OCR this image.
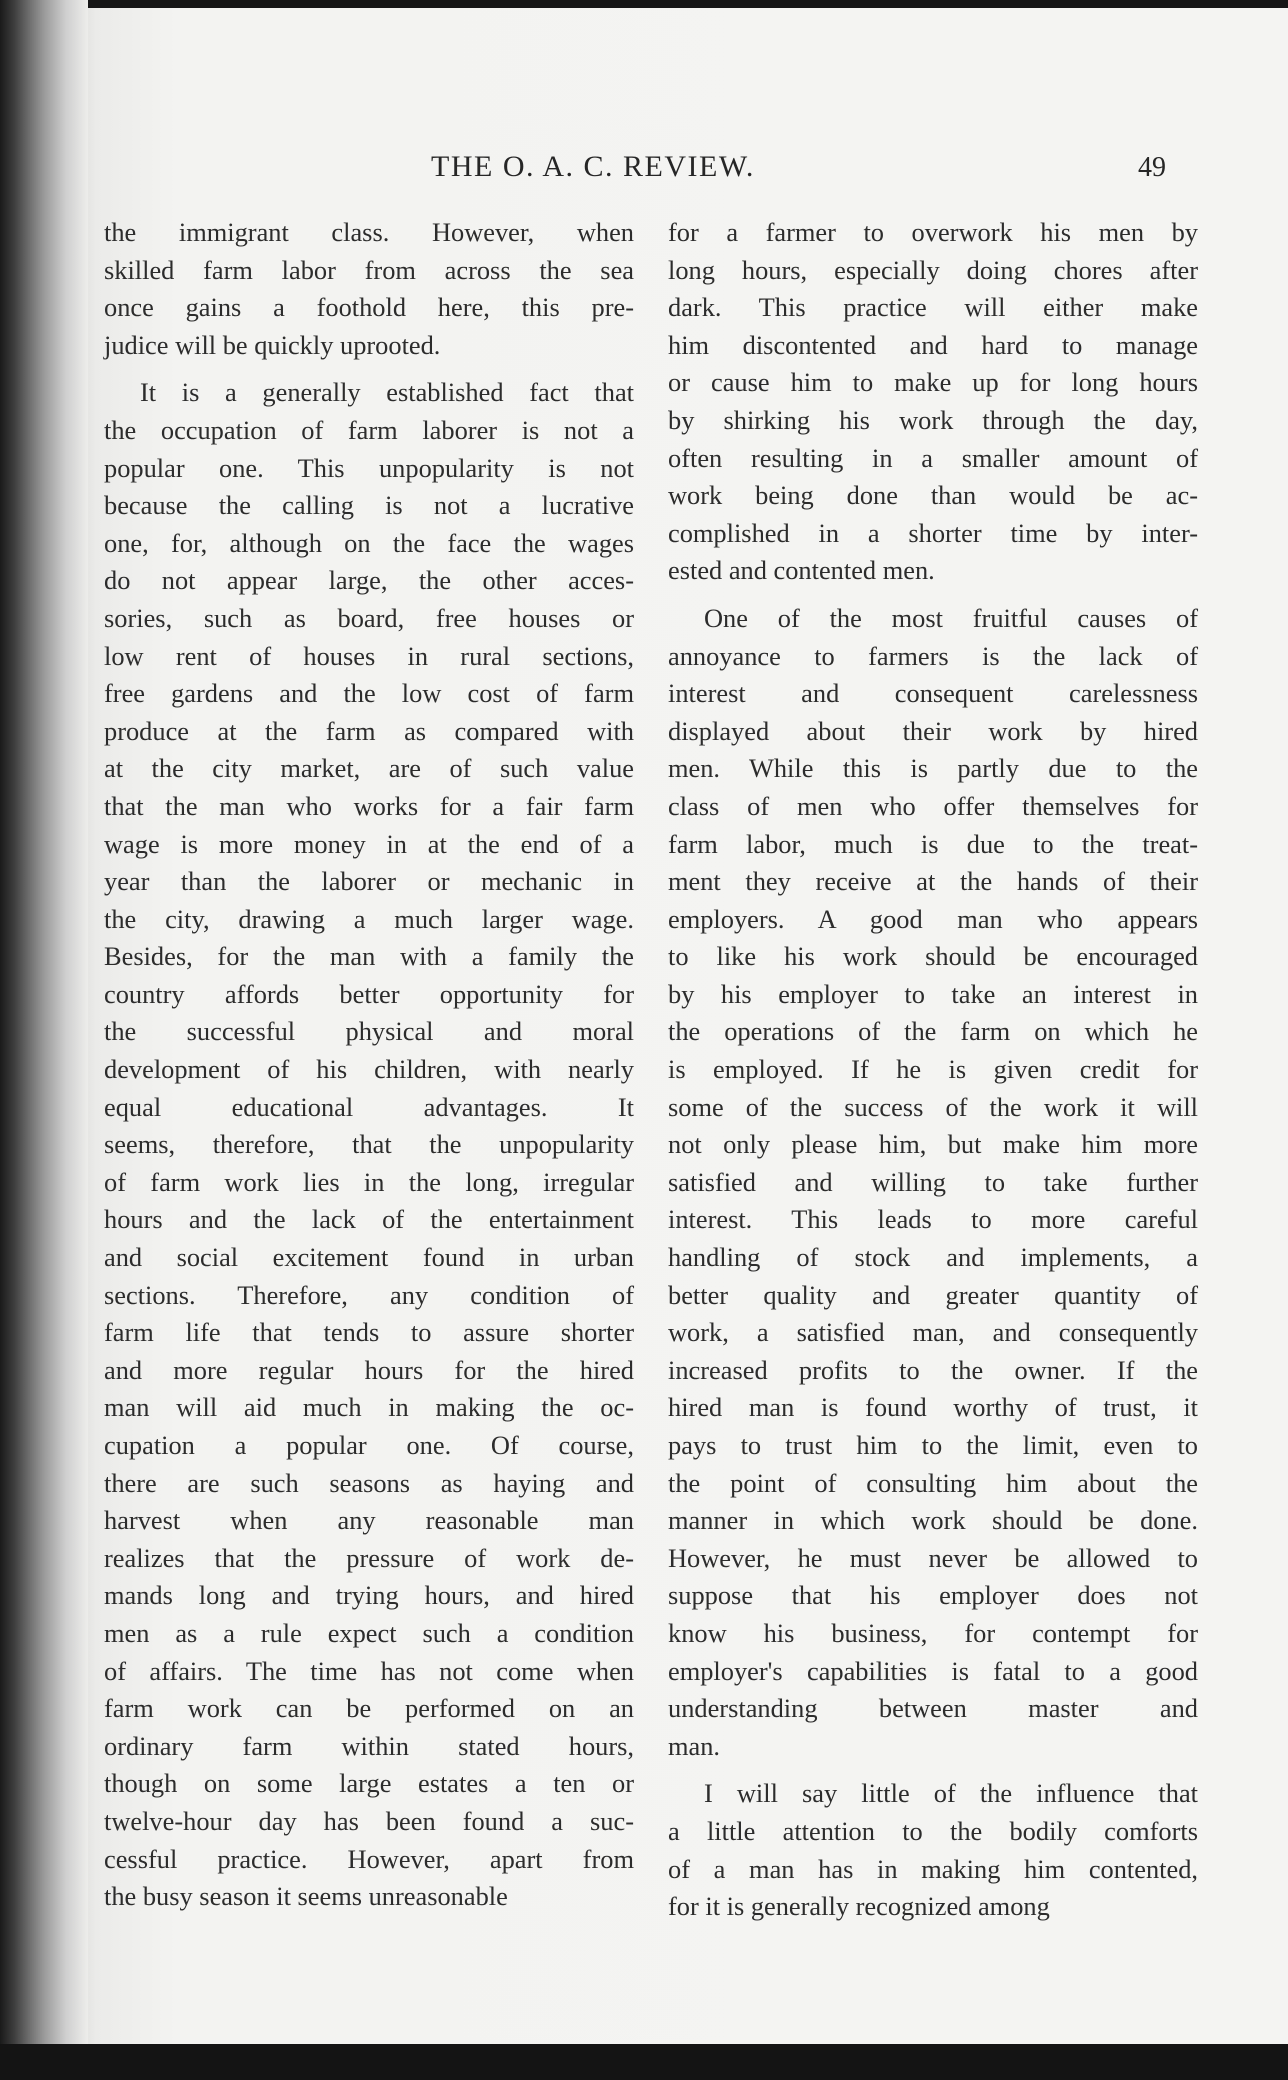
THE O. A. C. REVIEW.	49

the immigrant class. However, when
skilled farm labor from across the sea
once gains a foothold here, this pre-
judice will be quickly uprooted.

It is a generally established fact that
the occupation of farm laborer is not a
popular one. This unpopularity is not
because the calling is not a lucrative
one, for, although on the face the wages
do not appear large, the other acces-
sories, such as board, free houses or
low rent of houses in rural sections,
free gardens and the low cost of farm
produce at the farm as compared with
at the city market, are of such value
that the man who works for a fair farm
wage is more money in at the end of a
year than the laborer or mechanic in
the city, drawing a much larger wage.
Besides, for the man with a family the
country affords better opportunity for
the successful physical and moral
development of his children, with nearly
equal educational advantages. It
seems, therefore, that the unpopularity
of farm work lies in the long, irregular
hours and the lack of the entertainment
and social excitement found in urban
sections. Therefore, any condition of
farm life that tends to assure shorter
and more regular hours for the hired
man will aid much in making the oc-
cupation a popular one. Of course,
there are such seasons as haying and
harvest when any reasonable man
realizes that the pressure of work de-
mands long and trying hours, and hired
men as a rule expect such a condition
of affairs. The time has not come when
farm work can be performed on an
ordinary farm within stated hours,
though on some large estates a ten or
twelve-hour day has been found a suc-
cessful practice. However, apart from
the busy season it seems unreasonable

for a farmer to overwork his men by
long hours, especially doing chores after
dark. This practice will either make
him discontented and hard to manage
or cause him to make up for long hours
by shirking his work through the day,
often resulting in a smaller amount of
work being done than would be ac-
complished in a shorter time by inter-
ested and contented men.

One of the most fruitful causes of
annoyance to farmers is the lack of
interest and consequent carelessness
displayed about their work by hired
men. While this is partly due to the
class of men who offer themselves for
farm labor, much is due to the treat-
ment they receive at the hands of their
employers. A good man who appears
to like his work should be encouraged
by his employer to take an interest in
the operations of the farm on which he
is employed. If he is given credit for
some of the success of the work it will
not only please him, but make him more
satisfied and willing to take further
interest. This leads to more careful
handling of stock and implements, a
better quality and greater quantity of
work, a satisfied man, and consequently
increased profits to the owner. If the
hired man is found worthy of trust, it
pays to trust him to the limit, even to
the point of consulting him about the
manner in which work should be done.
However, he must never be allowed to
suppose that his employer does not
know his business, for contempt for
employer's capabilities is fatal to a good
understanding between master and
man.

I will say little of the influence that
a little attention to the bodily comforts
of a man has in making him contented,
for it is generally recognized among
